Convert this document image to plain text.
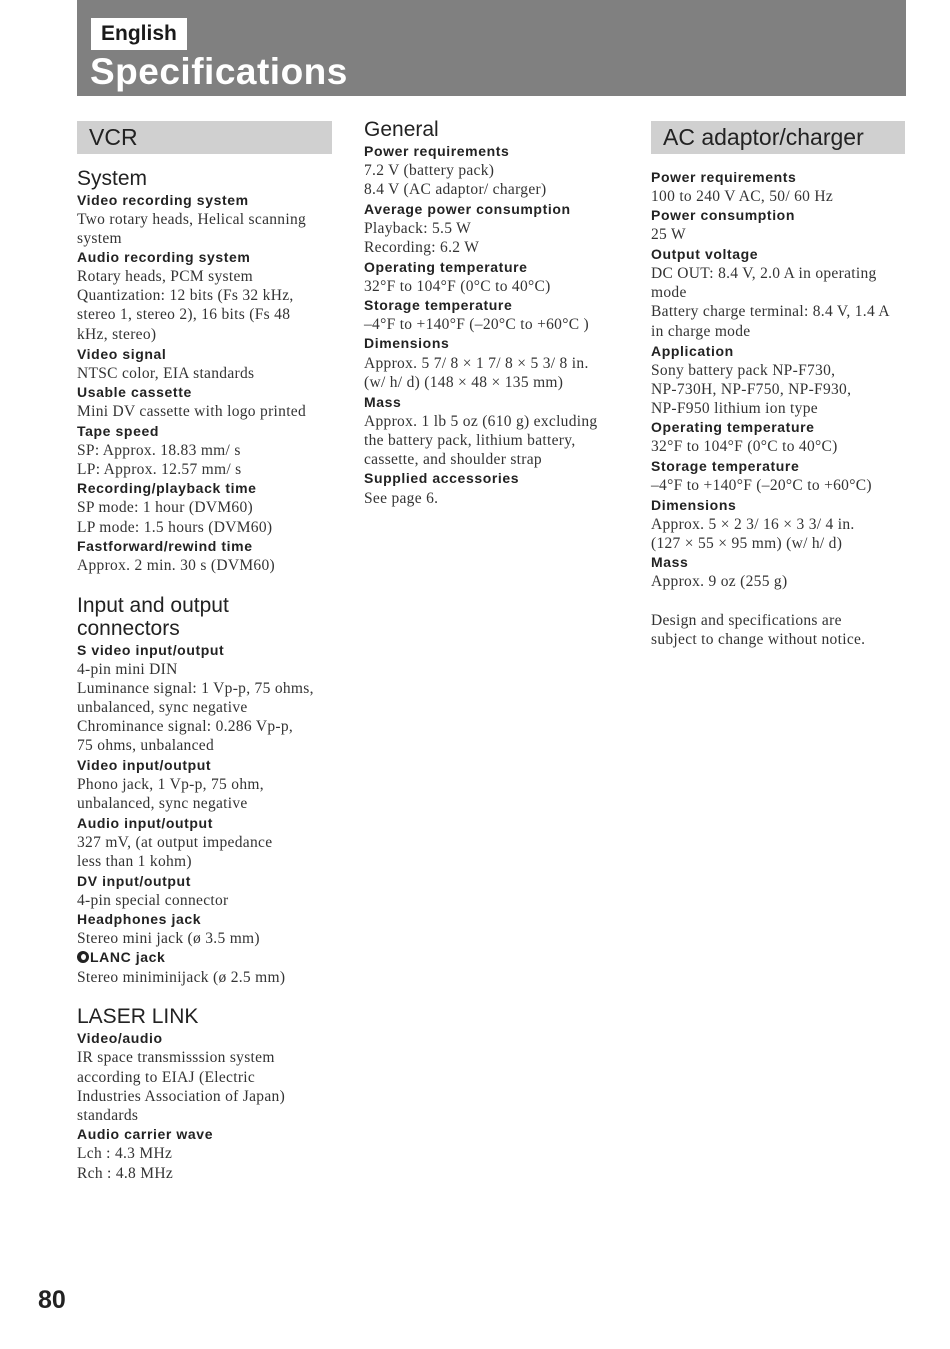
English
Specifications
VCR
System
Video recording system
Two rotary heads, Helical scanning
system
Audio recording system
Rotary heads, PCM system
Quantization: 12 bits (Fs 32 kHz,
stereo 1, stereo 2), 16 bits (Fs 48
kHz, stereo)
Video signal
NTSC color, EIA standards
Usable cassette
Mini DV cassette with logo printed
Tape speed
SP: Approx. 18.83 mm/ s
LP: Approx. 12.57 mm/ s
Recording/playback time
SP mode: 1 hour (DVM60)
LP mode: 1.5 hours (DVM60)
Fastforward/rewind time
Approx. 2 min. 30 s (DVM60)
Input and output
connectors
S video input/output
4-pin mini DIN
Luminance signal: 1 Vp-p, 75 ohms,
unbalanced, sync negative
Chrominance signal: 0.286 Vp-p,
75 ohms, unbalanced
Video input/output
Phono jack, 1 Vp-p, 75 ohm,
unbalanced, sync negative
Audio input/output
327 mV, (at output impedance
less than 1 kohm)
DV input/output
4-pin special connector
Headphones jack
Stereo mini jack (ø 3.5 mm)
LANC jack
Stereo miniminijack (ø 2.5 mm)
LASER LINK
Video/audio
IR space transmisssion system
according to EIAJ (Electric
Industries Association of Japan)
standards
Audio carrier wave
Lch : 4.3 MHz
Rch : 4.8 MHz
General
Power requirements
7.2 V (battery pack)
8.4 V (AC adaptor/ charger)
Average power consumption
Playback: 5.5 W
Recording: 6.2 W
Operating temperature
32°F to 104°F (0°C to 40°C)
Storage temperature
–4°F to +140°F (–20°C to +60°C )
Dimensions
Approx. 5 7/ 8 × 1 7/ 8 × 5 3/ 8 in.
(w/ h/ d) (148 × 48 × 135 mm)
Mass
Approx. 1 lb 5 oz (610 g) excluding
the battery pack, lithium battery,
cassette, and shoulder strap
Supplied accessories
See page 6.
AC adaptor/charger
Power requirements
100 to 240 V AC, 50/ 60 Hz
Power consumption
25 W
Output voltage
DC OUT: 8.4 V, 2.0 A in operating
mode
Battery charge terminal: 8.4 V, 1.4 A
in charge mode
Application
Sony battery pack NP-F730,
NP-730H, NP-F750, NP-F930,
NP-F950 lithium ion type
Operating temperature
32°F to 104°F (0°C to 40°C)
Storage temperature
–4°F to +140°F (–20°C to +60°C)
Dimensions
Approx. 5 × 2 3/ 16 × 3 3/ 4 in.
(127 × 55 × 95 mm) (w/ h/ d)
Mass
Approx. 9 oz (255 g)
Design and specifications are
subject to change without notice.
80
